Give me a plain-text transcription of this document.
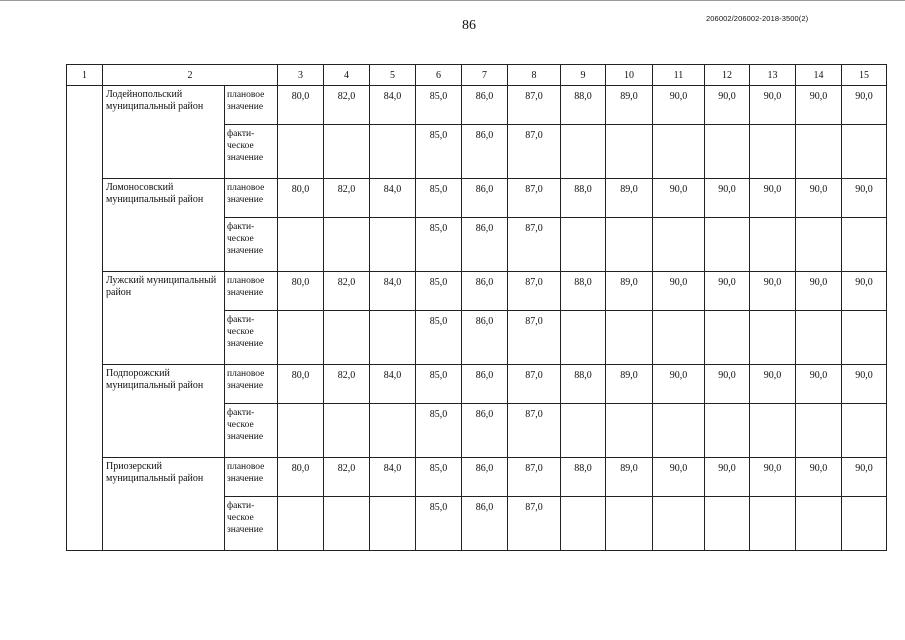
86	206002/206002-2018-3500(2)
1	2		3	4	5	6	7	8	9	10	11	12	13	14	15
	Лодейнопольский муниципальный район	плановое значение	80,0	82,0	84,0	85,0	86,0	87,0	88,0	89,0	90,0	90,0	90,0	90,0	90,0
		факти-
ческое
значение				85,0	86,0	87,0							
	Ломоносовский муниципальный район	плановое значение	80,0	82,0	84,0	85,0	86,0	87,0	88,0	89,0	90,0	90,0	90,0	90,0	90,0
		факти-
ческое
значение				85,0	86,0	87,0							
	Лужский муниципальный район	плановое значение	80,0	82,0	84,0	85,0	86,0	87,0	88,0	89,0	90,0	90,0	90,0	90,0	90,0
		факти-
ческое
значение				85,0	86,0	87,0							
	Подпорожский муниципальный район	плановое значение	80,0	82,0	84,0	85,0	86,0	87,0	88,0	89,0	90,0	90,0	90,0	90,0	90,0
		факти-
ческое
значение				85,0	86,0	87,0							
	Приозерский муниципальный район	плановое значение	80,0	82,0	84,0	85,0	86,0	87,0	88,0	89,0	90,0	90,0	90,0	90,0	90,0
		факти-
ческое
значение				85,0	86,0	87,0							
